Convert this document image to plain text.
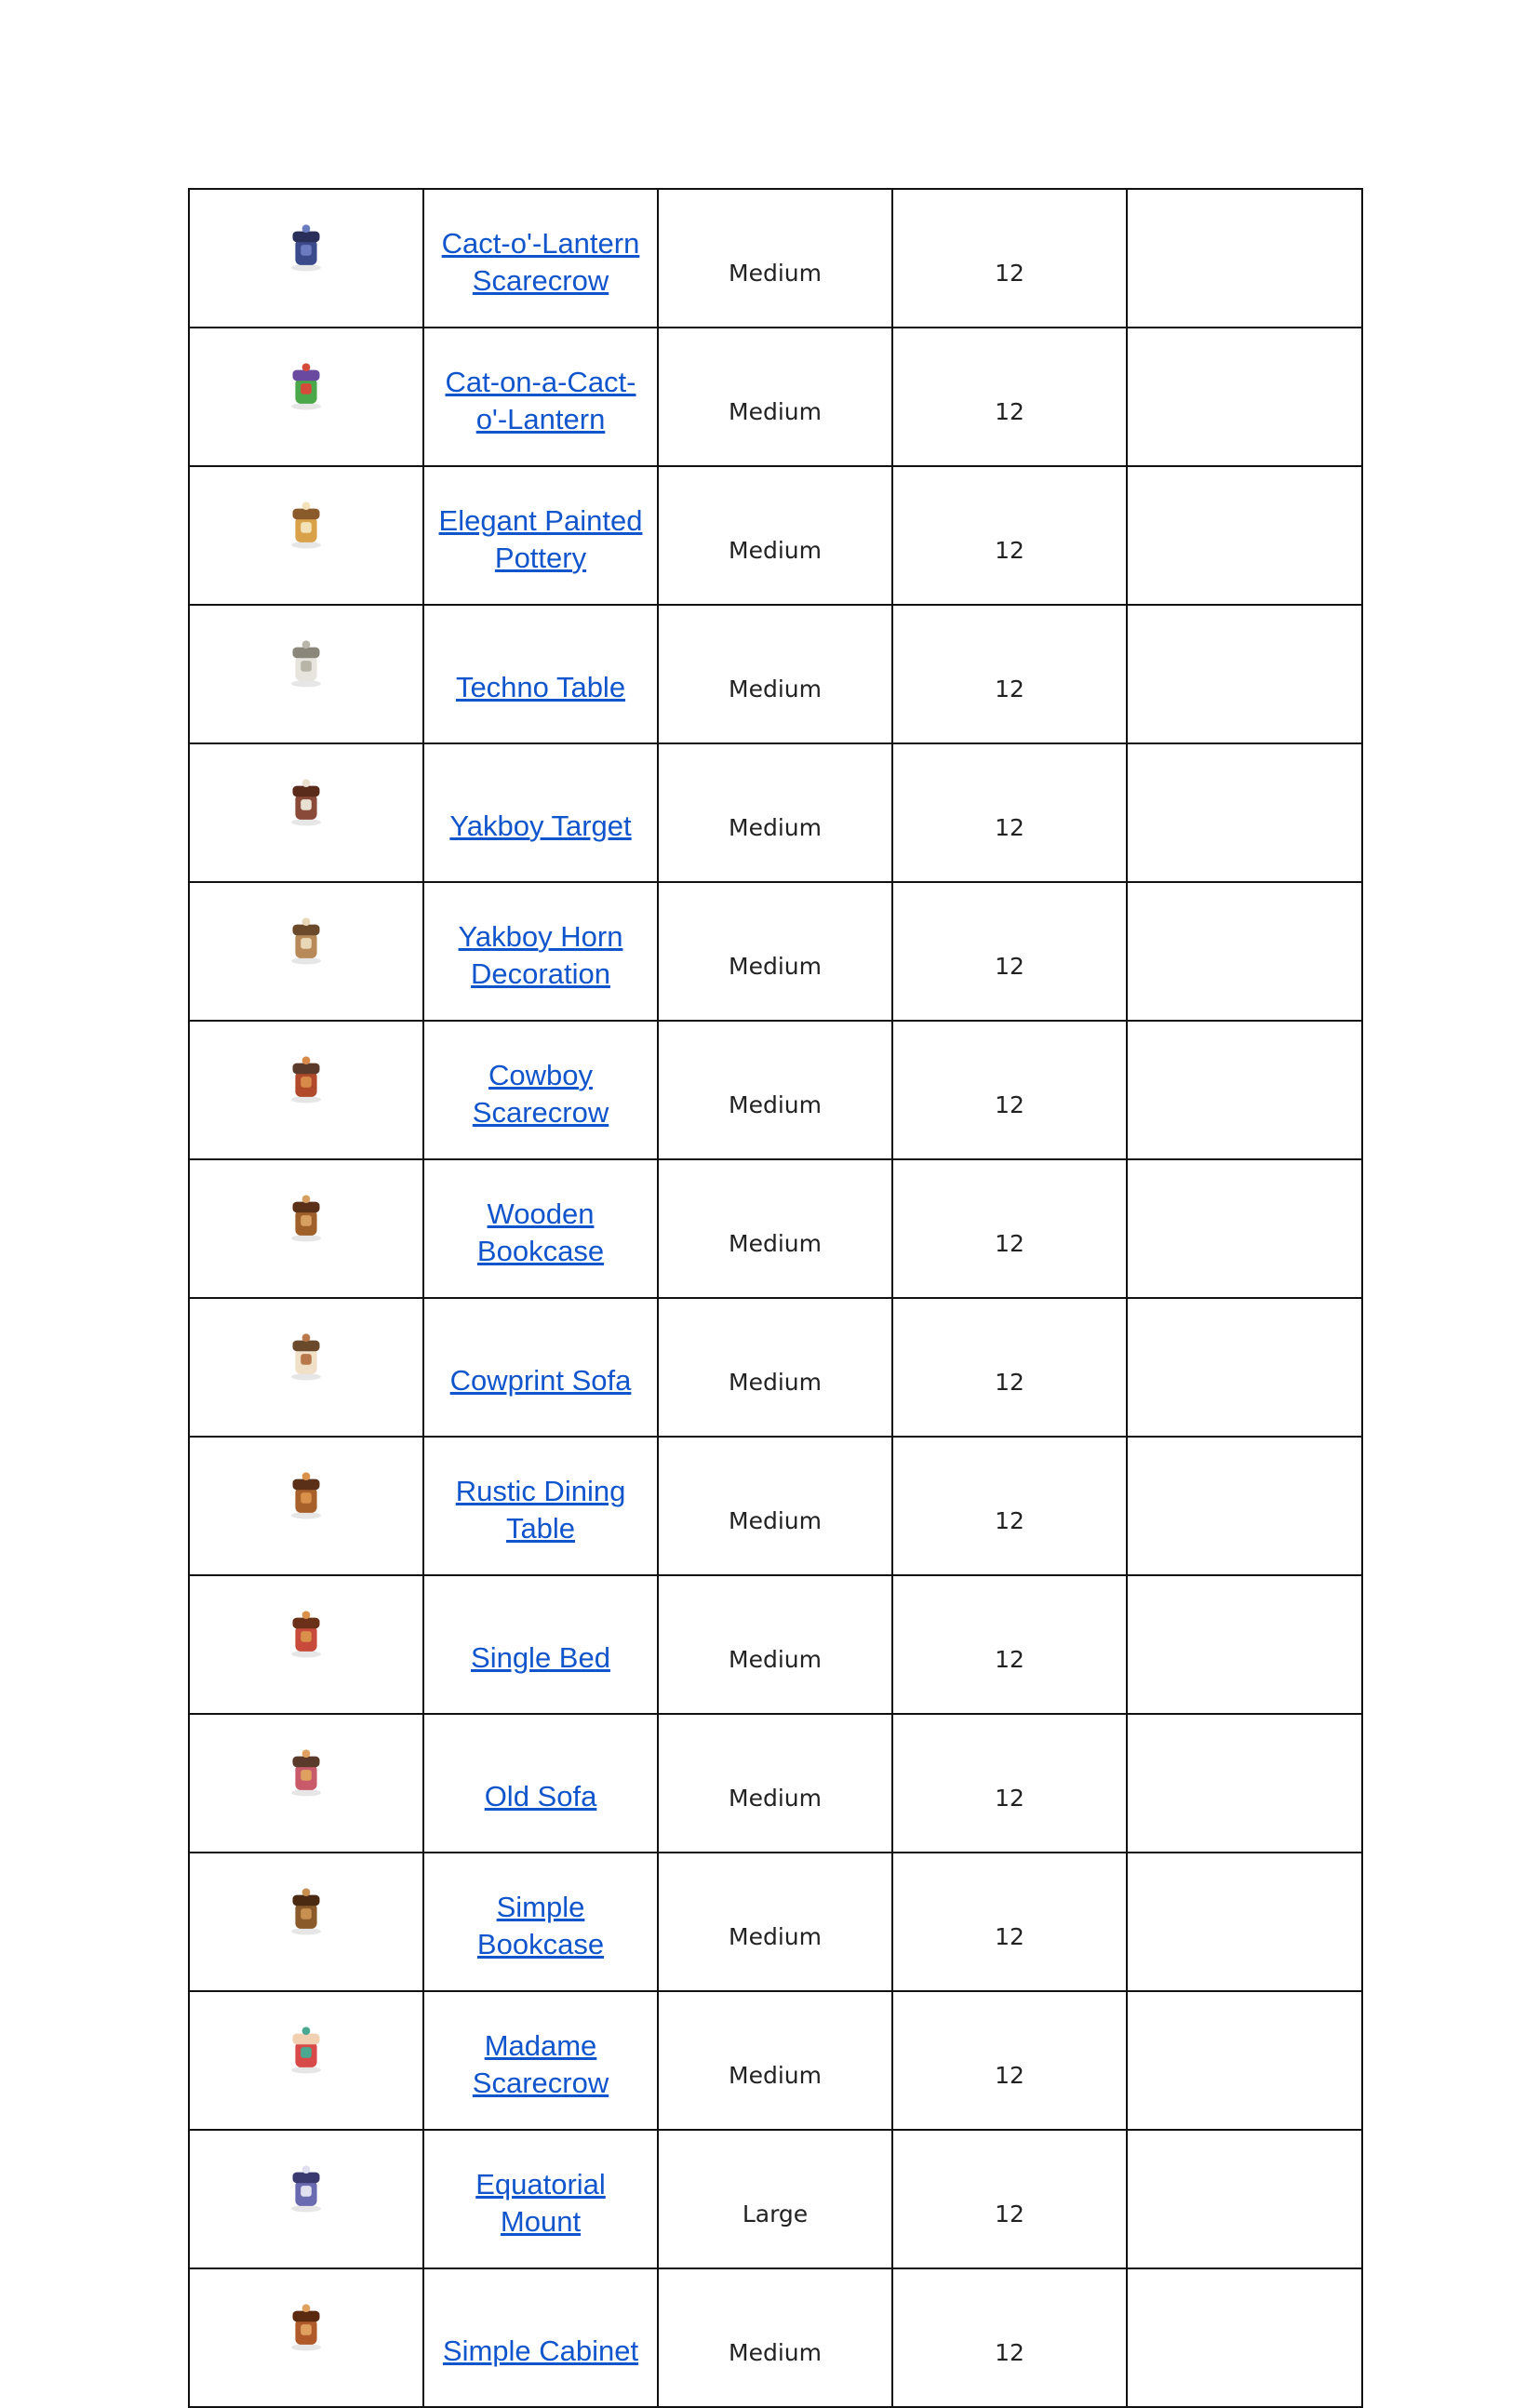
Cact-o'-Lantern Scarecrow	Medium	12	

Cat-on-a-Cact-o'-Lantern	Medium	12	

Elegant Painted Pottery	Medium	12	

Techno Table	Medium	12	

Yakboy Target	Medium	12	

Yakboy Horn Decoration	Medium	12	

Cowboy Scarecrow	Medium	12	

Wooden Bookcase	Medium	12	

Cowprint Sofa	Medium	12	

Rustic Dining Table	Medium	12	

Single Bed	Medium	12	

Old Sofa	Medium	12	

Simple Bookcase	Medium	12	

Madame Scarecrow	Medium	12	

Equatorial Mount	Large	12	

Simple Cabinet	Medium	12	
